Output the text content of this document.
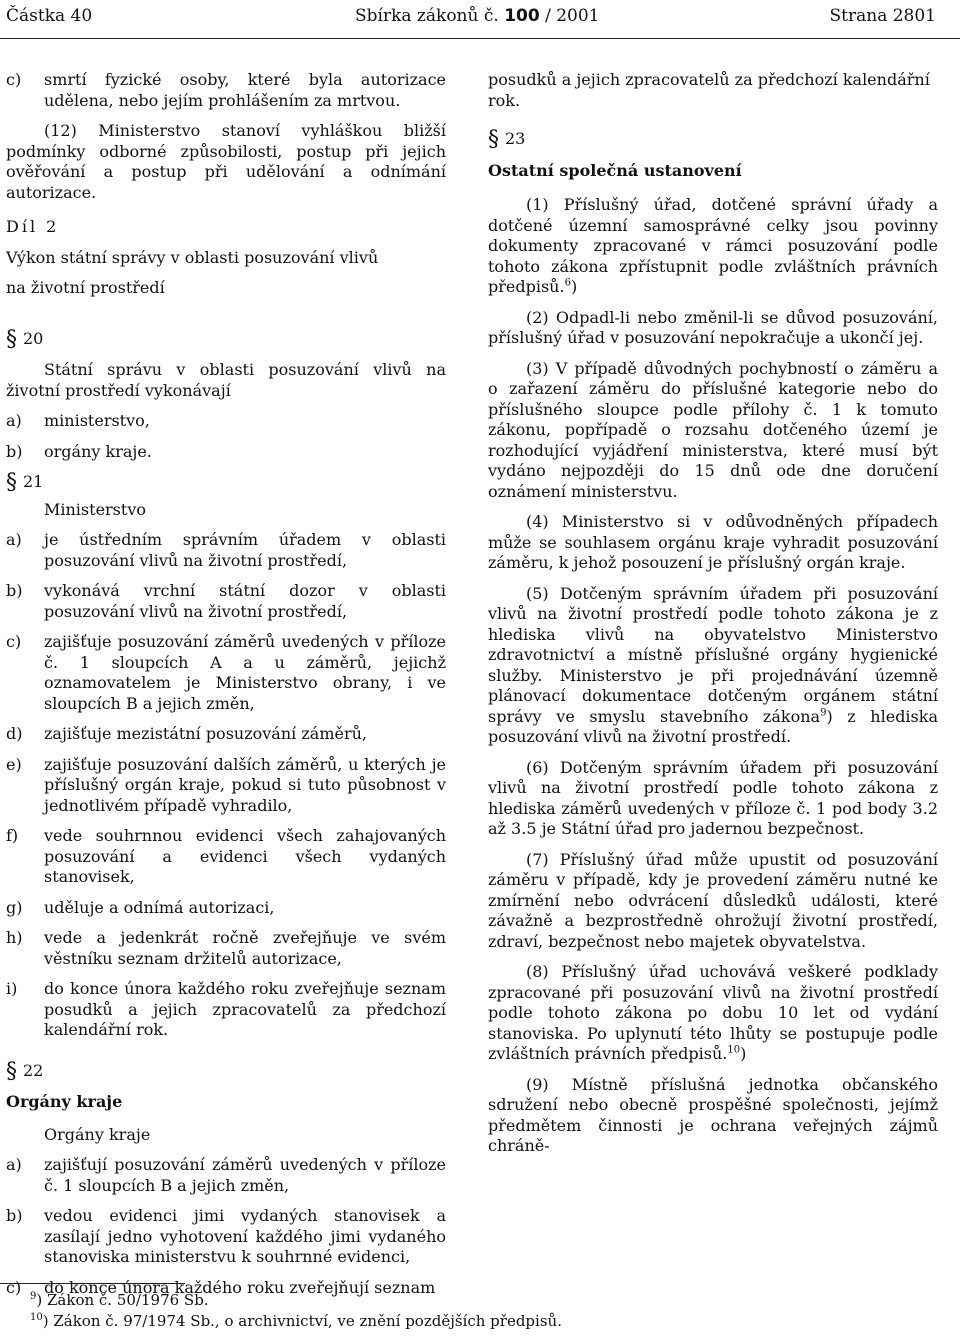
Částka 40	Sbírka zákonů č. 100 / 2001	Strana 2801
c) smrtí fyzické osoby, které byla autorizace udělena, nebo jejím prohlášením za mrtvou.

(12) Ministerstvo stanoví vyhláškou bližší podmínky odborné způsobilosti, postup při jejich ověřování a postup při udělování a odnímání autorizace.

Díl 2

Výkon státní správy v oblasti posuzování vlivů

na životní prostředí

§ 20

Státní správu v oblasti posuzování vlivů na životní prostředí vykonávají

a) ministerstvo,
b) orgány kraje.

§ 21

Ministerstvo

a) je ústředním správním úřadem v oblasti posuzování vlivů na životní prostředí,
b) vykonává vrchní státní dozor v oblasti posuzování vlivů na životní prostředí,
c) zajišťuje posuzování záměrů uvedených v příloze č. 1 sloupcích A a u záměrů, jejichž oznamovatelem je Ministerstvo obrany, i ve sloupcích B a jejich změn,
d) zajišťuje mezistátní posuzování záměrů,
e) zajišťuje posuzování dalších záměrů, u kterých je příslušný orgán kraje, pokud si tuto působnost v jednotlivém případě vyhradilo,
f) vede souhrnnou evidenci všech zahajovaných posuzování a evidenci všech vydaných stanovisek,
g) uděluje a odnímá autorizaci,
h) vede a jedenkrát ročně zveřejňuje ve svém věstníku seznam držitelů autorizace,
i) do konce února každého roku zveřejňuje seznam posudků a jejich zpracovatelů za předchozí kalendářní rok.

§ 22

Orgány kraje

Orgány kraje

a) zajišťují posuzování záměrů uvedených v příloze č. 1 sloupcích B a jejich změn,
b) vedou evidenci jimi vydaných stanovisek a zasílají jedno vyhotovení každého jimi vydaného stanoviska ministerstvu k souhrnné evidenci,
c) do konce února každého roku zveřejňují seznam

posudků a jejich zpracovatelů za předchozí kalendářní rok.

§ 23

Ostatní společná ustanovení

(1) Příslušný úřad, dotčené správní úřady a dotčené územní samosprávné celky jsou povinny dokumenty zpracované v rámci posuzování podle tohoto zákona zpřístupnit podle zvláštních právních předpisů.$^6$)

(2) Odpadl-li nebo změnil-li se důvod posuzování, příslušný úřad v posuzování nepokračuje a ukončí jej.

(3) V případě důvodných pochybností o záměru a o zařazení záměru do příslušné kategorie nebo do příslušného sloupce podle přílohy č. 1 k tomuto zákonu, popřípadě o rozsahu dotčeného území je rozhodující vyjádření ministerstva, které musí být vydáno nejpozději do 15 dnů ode dne doručení oznámení ministerstvu.

(4) Ministerstvo si v odůvodněných případech může se souhlasem orgánu kraje vyhradit posuzování záměru, k jehož posouzení je příslušný orgán kraje.

(5) Dotčeným správním úřadem při posuzování vlivů na životní prostředí podle tohoto zákona je z hlediska vlivů na obyvatelstvo Ministerstvo zdravotnictví a místně příslušné orgány hygienické služby. Ministerstvo je při projednávání územně plánovací dokumentace dotčeným orgánem státní správy ve smyslu stavebního zákona$^9$) z hlediska posuzování vlivů na životní prostředí.

(6) Dotčeným správním úřadem při posuzování vlivů na životní prostředí podle tohoto zákona z hlediska záměrů uvedených v příloze č. 1 pod body 3.2 až 3.5 je Státní úřad pro jadernou bezpečnost.

(7) Příslušný úřad může upustit od posuzování záměru v případě, kdy je provedení záměru nutné ke zmírnění nebo odvrácení důsledků události, které závažně a bezprostředně ohrožují životní prostředí, zdraví, bezpečnost nebo majetek obyvatelstva.

(8) Příslušný úřad uchovává veškeré podklady zpracované při posuzování vlivů na životní prostředí podle tohoto zákona po dobu 10 let od vydání stanoviska. Po uplynutí této lhůty se postupuje podle zvláštních právních předpisů.$^{10}$)

(9) Místně příslušná jednotka občanského sdružení nebo obecně prospěšné společnosti, jejímž předmětem činnosti je ochrana veřejných zájmů chráně-

$^9$) Zákon č. 50/1976 Sb.
$^{10}$) Zákon č. 97/1974 Sb., o archivnictví, ve znění pozdějších předpisů.
